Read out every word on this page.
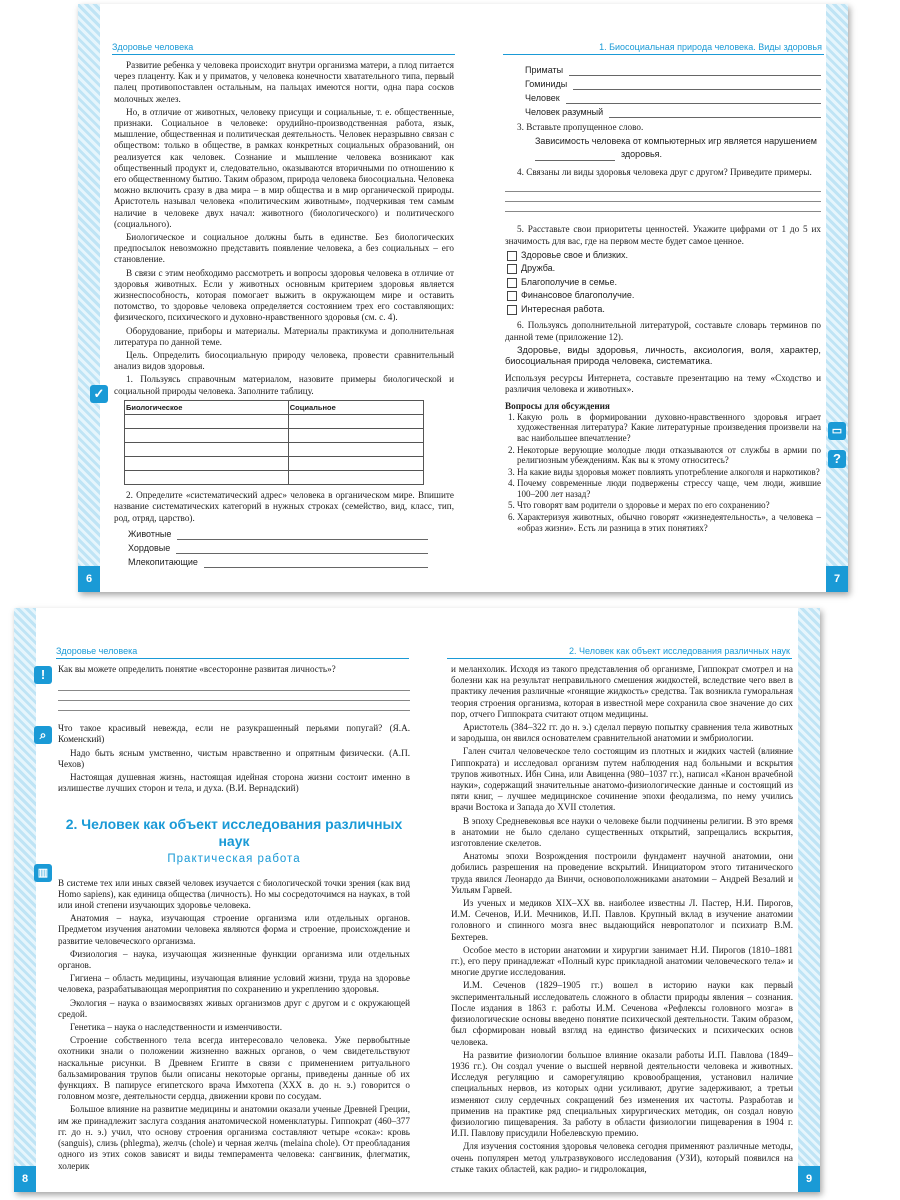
Здоровье человека

Развитие ребенка у человека происходит внутри организма матери, а плод питается через плаценту. Как и у приматов, у человека конечности хватательного типа, первый палец противопоставлен остальным, на пальцах имеются ногти, одна пара сосков молочных желез.

Но, в отличие от животных, человеку присущи и социальные, т. е. общественные, признаки. Социальное в человеке: орудийно-производственная работа, язык, мышление, общественная и политическая деятельность. Человек неразрывно связан с обществом: только в обществе, в рамках конкретных социальных образований, он реализуется как человек. Сознание и мышление человека возникают как общественный продукт и, следовательно, оказываются вторичными по отношению к его общественному бытию. Таким образом, природа человека биосоциальна. Человека можно включить сразу в два мира – в мир общества и в мир органической природы. Аристотель называл человека «политическим животным», подчеркивая тем самым наличие в человеке двух начал: животного (биологического) и политического (социального).

Биологическое и социальное должны быть в единстве. Без биологических предпосылок невозможно представить появление человека, а без социальных – его становление.

В связи с этим необходимо рассмотреть и вопросы здоровья человека в отличие от здоровья животных. Если у животных основным критерием здоровья является жизнеспособность, которая помогает выжить в окружающем мире и оставить потомство, то здоровье человека определяется состоянием трех его составляющих: физического, психического и духовно-нравственного здоровья (см. с. 4).

Оборудование, приборы и материалы. Материалы практикума и дополнительная литература по данной теме.

Цель. Определить биосоциальную природу человека, провести сравнительный анализ видов здоровья.

1. Пользуясь справочным материалом, назовите примеры биологической и социальной природы человека. Заполните таблицу.

Биологическое	Социальное

2. Определите «систематический адрес» человека в органическом мире. Впишите название систематических категорий в нужных строках (семейство, вид, класс, тип, род, отряд, царство).

Животные
Хордовые
Млекопитающие
✓
6
1. Биосоциальная природа человека. Виды здоровья
Приматы
Гоминиды
Человек
Человек разумный

3. Вставьте пропущенное слово.

Зависимость человека от компьютерных игр является нарушением
здоровья.

4. Связаны ли виды здоровья человека друг с другом? Приведите примеры.

5. Расставьте свои приоритеты ценностей. Укажите цифрами от 1 до 5 их значимость для вас, где на первом месте будет самое ценное.

Здоровье свое и близких.
Дружба.
Благополучие в семье.
Финансовое благополучие.
Интересная работа.

6. Пользуясь дополнительной литературой, составьте словарь терминов по данной теме (приложение 12).

Здоровье, виды здоровья, личность, аксиология, воля, характер, биосоциальная природа человека, систематика.

Используя ресурсы Интернета, составьте презентацию на тему «Сходство и различия человека и животных».

Вопросы для обсуждения
1. Какую роль в формировании духовно-нравственного здоровья играет художественная литература? Какие литературные произведения произвели на вас наибольшее впечатление?
2. Некоторые верующие молодые люди отказываются от службы в армии по религиозным убеждениям. Как вы к этому относитесь?
3. На какие виды здоровья может повлиять употребление алкоголя и наркотиков?
4. Почему современные люди подвержены стрессу чаще, чем люди, жившие 100–200 лет назад?
5. Что говорят вам родители о здоровье и мерах по его сохранению?
6. Характеризуя животных, обычно говорят «жизнедеятельность», а человека – «образ жизни». Есть ли разница в этих понятиях?
▭
?
7
Здоровье человека

Как вы можете определить понятие «всесторонне развитая личность»?

Что такое красивый невежда, если не разукрашенный перьями попугай? (Я.А. Коменский)

Надо быть ясным умственно, чистым нравственно и опрятным физически. (А.П. Чехов)

Настоящая душевная жизнь, настоящая идейная сторона жизни состоит именно в излишестве лучших сторон и тела, и духа. (В.И. Вернадский)

2. Человек как объект исследования различных наук
Практическая работа

В системе тех или иных связей человек изучается с биологической точки зрения (как вид Homo sapiens), как единица общества (личность). Но мы сосредоточимся на науках, в той или иной степени изучающих здоровье человека.

Анатомия – наука, изучающая строение организма или отдельных органов. Предметом изучения анатомии человека являются форма и строение, происхождение и развитие человеческого организма.

Физиология – наука, изучающая жизненные функции организма или отдельных органов.

Гигиена – область медицины, изучающая влияние условий жизни, труда на здоровье человека, разрабатывающая мероприятия по сохранению и укреплению здоровья.

Экология – наука о взаимосвязях живых организмов друг с другом и с окружающей средой.

Генетика – наука о наследственности и изменчивости.

Строение собственного тела всегда интересовало человека. Уже первобытные охотники знали о положении жизненно важных органов, о чем свидетельствуют наскальные рисунки. В Древнем Египте в связи с применением ритуального бальзамирования трупов были описаны некоторые органы, приведены данные об их функциях. В папирусе египетского врача Имхотепа (XXX в. до н. э.) говорится о головном мозге, деятельности сердца, движении крови по сосудам.

Большое влияние на развитие медицины и анатомии оказали ученые Древней Греции, им же принадлежит заслуга создания анатомической номенклатуры. Гиппократ (460–377 гг. до н. э.) учил, что основу строения организма составляют четыре «сока»: кровь (sanguis), слизь (phlegma), желчь (chole) и черная желчь (melaina chole). От преобладания одного из этих соков зависят и виды темперамента человека: сангвиник, флегматик, холерик

!
⌕
▥
8
2. Человек как объект исследования различных наук

и меланхолик. Исходя из такого представления об организме, Гиппократ смотрел и на болезни как на результат неправильного смешения жидкостей, вследствие чего ввел в практику лечения различные «гонящие жидкость» средства. Так возникла гуморальная теория строения организма, которая в известной мере сохранила свое значение до сих пор, отчего Гиппократа считают отцом медицины.

Аристотель (384–322 гг. до н. э.) сделал первую попытку сравнения тела животных и зародыша, он явился основателем сравнительной анатомии и эмбриологии.

Гален считал человеческое тело состоящим из плотных и жидких частей (влияние Гиппократа) и исследовал организм путем наблюдения над больными и вскрытия трупов животных. Ибн Сина, или Авиценна (980–1037 гг.), написал «Канон врачебной науки», содержащий значительные анатомо-физиологические данные и состоящий из пяти книг, – лучшее медицинское сочинение эпохи феодализма, по нему учились врачи Востока и Запада до XVII столетия.

В эпоху Средневековья все науки о человеке были подчинены религии. В это время в анатомии не было сделано существенных открытий, запрещались вскрытия, изготовление скелетов.

Анатомы эпохи Возрождения построили фундамент научной анатомии, они добились разрешения на проведение вскрытий. Инициатором этого титанического труда явился Леонардо да Винчи, основоположниками анатомии – Андрей Везалий и Уильям Гарвей.

Из ученых и медиков XIX–XX вв. наиболее известны Л. Пастер, Н.И. Пирогов, И.М. Сеченов, И.И. Мечников, И.П. Павлов. Крупный вклад в изучение анатомии головного и спинного мозга внес выдающийся невропатолог и психиатр В.М. Бехтерев.

Особое место в истории анатомии и хирургии занимает Н.И. Пирогов (1810–1881 гг.), его перу принадлежат «Полный курс прикладной анатомии человеческого тела» и многие другие исследования.

И.М. Сеченов (1829–1905 гг.) вошел в историю науки как первый экспериментальный исследователь сложного в области природы явления – сознания. После издания в 1863 г. работы И.М. Сеченова «Рефлексы головного мозга» в физиологические основы введено понятие психической деятельности. Таким образом, был сформирован новый взгляд на единство физических и психических основ человека.

На развитие физиологии большое влияние оказали работы И.П. Павлова (1849–1936 гг.). Он создал учение о высшей нервной деятельности человека и животных. Исследуя регуляцию и саморегуляцию кровообращения, установил наличие специальных нервов, из которых одни усиливают, другие задерживают, а третьи изменяют силу сердечных сокращений без изменения их частоты. Разработав и применив на практике ряд специальных хирургических методик, он создал новую физиологию пищеварения. За работу в области физиологии пищеварения в 1904 г. И.П. Павлову присудили Нобелевскую премию.

Для изучения состояния здоровья человека сегодня применяют различные методы, очень популярен метод ультразвукового исследования (УЗИ), который появился на стыке таких областей, как радио- и гидролокация,

9
